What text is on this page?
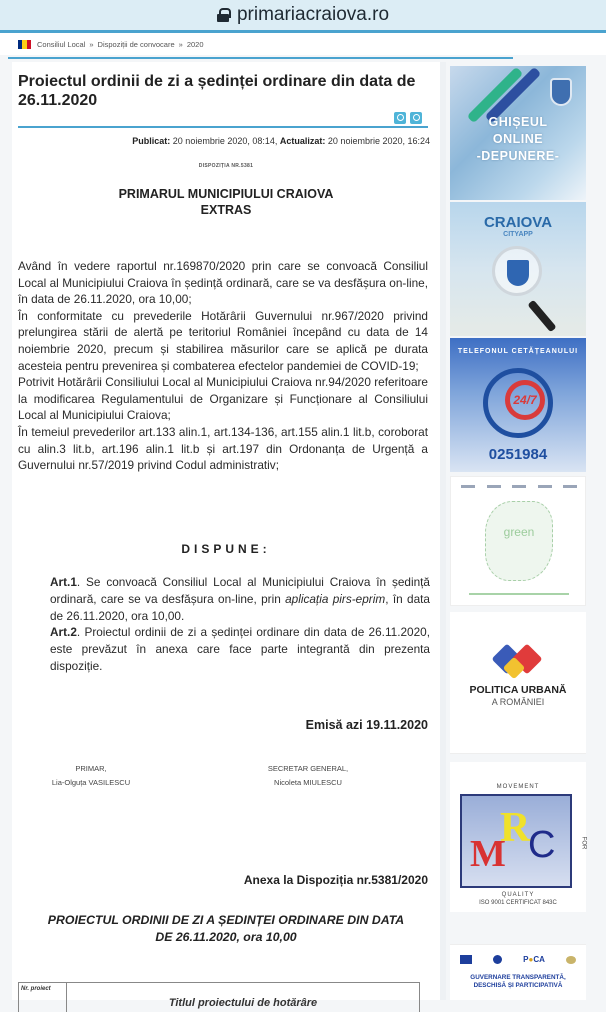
primariacraiova.ro
Consiliul Local » Dispoziții de convocare » 2020
Proiectul ordinii de zi a ședinței ordinare din data de 26.11.2020
Publicat: 20 noiembrie 2020, 08:14, Actualizat: 20 noiembrie 2020, 16:24
DISPOZIȚIA NR.5381
PRIMARUL MUNICIPIULUI CRAIOVA
EXTRAS

Având în vedere raportul nr.169870/2020 prin care se convoacă Consiliul Local al Municipiului Craiova în ședință ordinară, care se va desfășura on-line, în data de 26.11.2020, ora 10,00;

În conformitate cu prevederile Hotărârii Guvernului nr.967/2020 privind prelungirea stării de alertă pe teritoriul României începând cu data de 14 noiembrie 2020, precum și stabilirea măsurilor care se aplică pe durata acesteia pentru prevenirea și combaterea efectelor pandemiei de COVID-19;

Potrivit Hotărârii Consiliului Local al Municipiului Craiova nr.94/2020 referitoare la modificarea Regulamentului de Organizare și Funcționare al Consiliului Local al Municipiului Craiova;

În temeiul prevederilor art.133 alin.1, art.134-136, art.155 alin.1 lit.b, coroborat cu alin.3 lit.b, art.196 alin.1 lit.b și art.197 din Ordonanța de Urgență a Guvernului nr.57/2019 privind Codul administrativ;

DISPUNE:

Art.1. Se convoacă Consiliul Local al Municipiului Craiova în ședință ordinară, care se va desfășura on-line, prin aplicația pirs-eprim, în data de 26.11.2020, ora 10,00.

Art.2. Proiectul ordinii de zi a ședinței ordinare din data de 26.11.2020, este prevăzut în anexa care face parte integrantă din prezenta dispoziție.

Emisă azi 19.11.2020
PRIMAR,
Lia-Olguța VASILESCU
SECRETAR GENERAL,
Nicoleta MIULESCU
Anexa la Dispoziția nr.5381/2020
PROIECTUL ORDINII DE ZI A ȘEDINȚEI ORDINARE DIN DATA
DE 26.11.2020, ora 10,00
Nr. proiect
Titlul proiectului de hotărâre
GHIȘEUL
ONLINE
-DEPUNERE-
CRAIOVA
CITYAPP
TELEFONUL CETĂȚEANULUI
24/7
0251984
green
POLITICA URBANĂ
A ROMÂNIEI
MOVEMENT
M
R
C	FOR
QUALITY
ISO 9001 CERTIFICAT 843C
P●CA
GUVERNARE TRANSPARENTĂ,
DESCHISĂ ȘI PARTICIPATIVĂ
